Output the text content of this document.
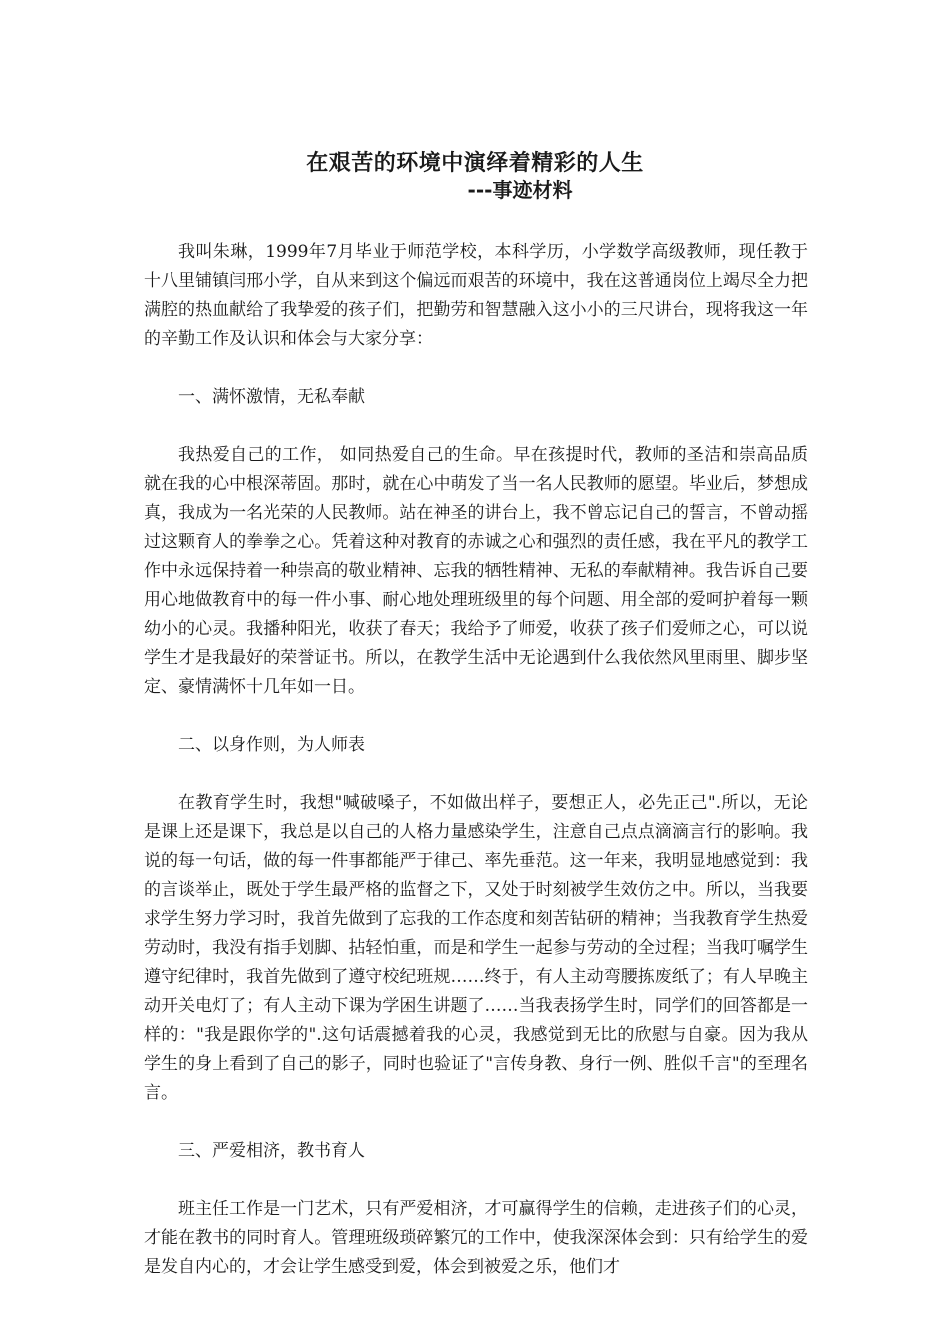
在艰苦的环境中演绎着精彩的人生
---事迹材料

我叫朱琳，1999年7月毕业于师范学校，本科学历，小学数学高级教师，现任教于十八里铺镇闫邢小学，自从来到这个偏远而艰苦的环境中，我在这普通岗位上竭尽全力把满腔的热血献给了我挚爱的孩子们，把勤劳和智慧融入这小小的三尺讲台，现将我这一年的辛勤工作及认识和体会与大家分享：

一、满怀激情，无私奉献

我热爱自己的工作， 如同热爱自己的生命。早在孩提时代，教师的圣洁和崇高品质就在我的心中根深蒂固。那时，就在心中萌发了当一名人民教师的愿望。毕业后，梦想成真，我成为一名光荣的人民教师。站在神圣的讲台上，我不曾忘记自己的誓言，不曾动摇过这颗育人的拳拳之心。凭着这种对教育的赤诚之心和强烈的责任感，我在平凡的教学工作中永远保持着一种崇高的敬业精神、忘我的牺牲精神、无私的奉献精神。我告诉自己要用心地做教育中的每一件小事、耐心地处理班级里的每个问题、用全部的爱呵护着每一颗幼小的心灵。我播种阳光，收获了春天；我给予了师爱，收获了孩子们爱师之心，可以说学生才是我最好的荣誉证书。所以，在教学生活中无论遇到什么我依然风里雨里、脚步坚定、豪情满怀十几年如一日。

二、以身作则，为人师表

在教育学生时，我想"喊破嗓子，不如做出样子，要想正人，必先正己".所以，无论是课上还是课下，我总是以自己的人格力量感染学生，注意自己点点滴滴言行的影响。我说的每一句话，做的每一件事都能严于律己、率先垂范。这一年来，我明显地感觉到：我的言谈举止，既处于学生最严格的监督之下，又处于时刻被学生效仿之中。所以，当我要求学生努力学习时，我首先做到了忘我的工作态度和刻苦钻研的精神；当我教育学生热爱劳动时，我没有指手划脚、拈轻怕重，而是和学生一起参与劳动的全过程；当我叮嘱学生遵守纪律时，我首先做到了遵守校纪班规……终于，有人主动弯腰拣废纸了；有人早晚主动开关电灯了；有人主动下课为学困生讲题了……当我表扬学生时，同学们的回答都是一样的："我是跟你学的".这句话震撼着我的心灵，我感觉到无比的欣慰与自豪。因为我从学生的身上看到了自己的影子，同时也验证了"言传身教、身行一例、胜似千言"的至理名言。

三、严爱相济，教书育人

班主任工作是一门艺术，只有严爱相济，才可赢得学生的信赖，走进孩子们的心灵，才能在教书的同时育人。管理班级琐碎繁冗的工作中，使我深深体会到：只有给学生的爱是发自内心的，才会让学生感受到爱，体会到被爱之乐，他们才
